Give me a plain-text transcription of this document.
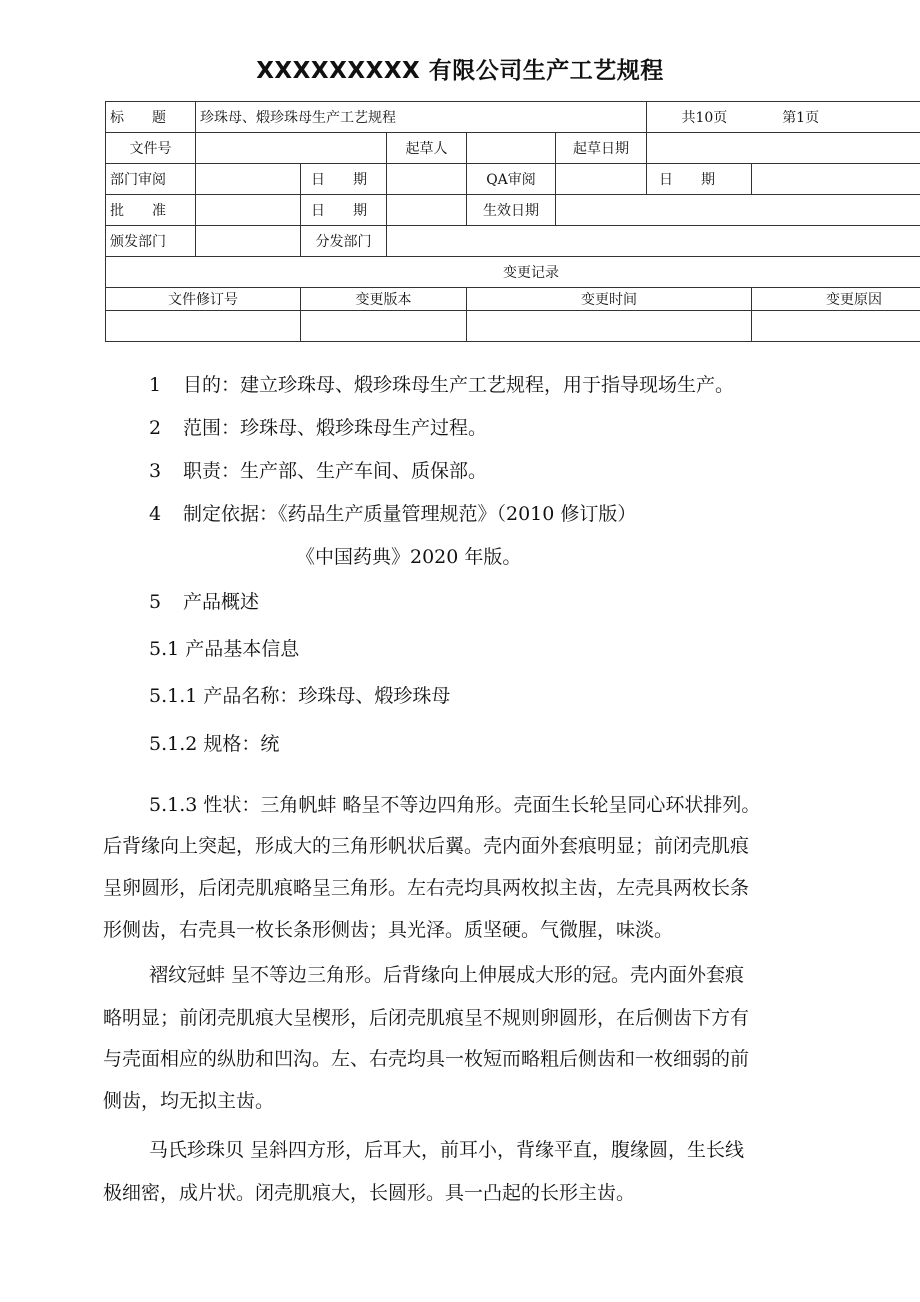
XXXXXXXXX 有限公司生产工艺规程
标　　题	珍珠母、煅珍珠母生产工艺规程					共10页 第1页	
文件号			起草人		起草日期		
部门审阅		日　　期		QA审阅		日　　期	
批　　准		日　　期		生效日期			
颁发部门		分发部门					
变更记录							
文件修订号		变更版本		变更时间			变更原因

1 目的：建立珍珠母、煅珍珠母生产工艺规程，用于指导现场生产。
2 范围：珍珠母、煅珍珠母生产过程。
3 职责：生产部、生产车间、质保部。
4 制定依据：《药品生产质量管理规范》（2010 修订版）
《中国药典》2020 年版。
5 产品概述
5.1 产品基本信息
5.1.1 产品名称：珍珠母、煅珍珠母
5.1.2 规格：统
5.1.3 性状：三角帆蚌 略呈不等边四角形。壳面生长轮呈同心环状排列。
后背缘向上突起，形成大的三角形帆状后翼。壳内面外套痕明显；前闭壳肌痕
呈卵圆形，后闭壳肌痕略呈三角形。左右壳均具两枚拟主齿，左壳具两枚长条
形侧齿，右壳具一枚长条形侧齿；具光泽。质坚硬。气微腥，味淡。
褶纹冠蚌 呈不等边三角形。后背缘向上伸展成大形的冠。壳内面外套痕
略明显；前闭壳肌痕大呈楔形，后闭壳肌痕呈不规则卵圆形，在后侧齿下方有
与壳面相应的纵肋和凹沟。左、右壳均具一枚短而略粗后侧齿和一枚细弱的前
侧齿，均无拟主齿。
马氏珍珠贝 呈斜四方形，后耳大，前耳小，背缘平直，腹缘圆，生长线
极细密，成片状。闭壳肌痕大，长圆形。具一凸起的长形主齿。
